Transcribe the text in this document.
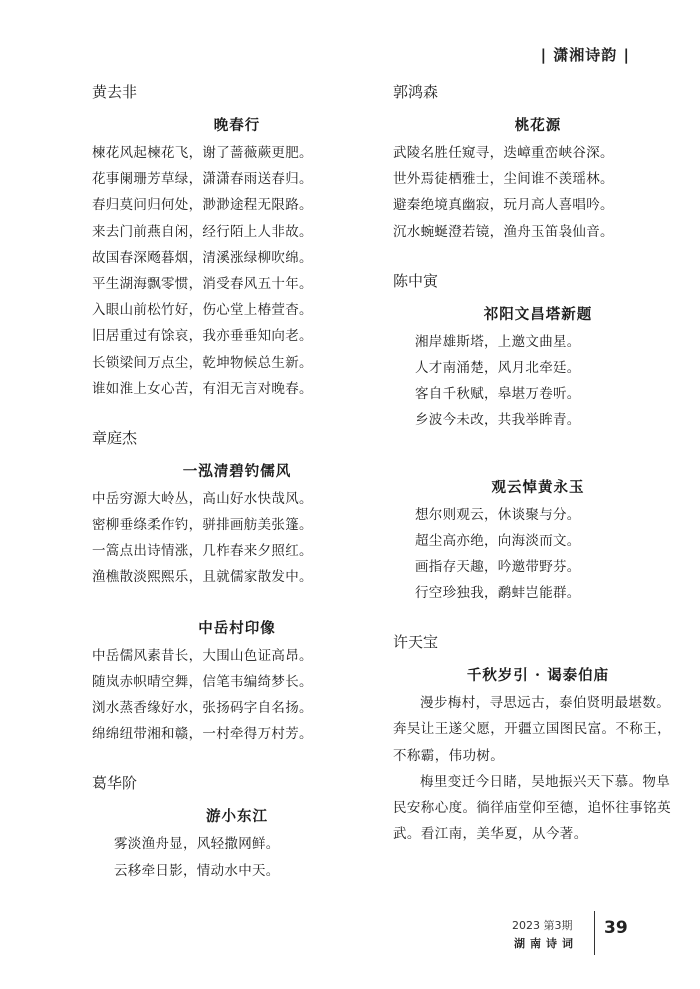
| 潇湘诗韵 |

黄去非

晚春行

楝花风起楝花飞，谢了蔷薇蕨更肥。

花事阑珊芳草绿，潇潇春雨送春归。

春归莫问归何处，渺渺途程无限路。

来去门前燕自闲，经行陌上人非故。

故国春深飏暮烟，清溪涨绿柳吹绵。

平生湖海飘零惯，消受春风五十年。

入眼山前松竹好，伤心堂上椿萱杳。

旧居重过有馀哀，我亦垂垂知向老。

长锁梁间万点尘，乾坤物候总生新。

谁如淮上女心苦，有泪无言对晚春。

章庭杰

一泓清碧钓儒风

中岳穷源大岭丛，高山好水快哉风。

密柳垂绦柔作钓，骈排画舫美张篷。

一篙点出诗情涨，几柞春来夕照红。

渔樵散淡熙熙乐，且就儒家散发中。

中岳村印像

中岳儒风素昔长，大围山色证高昂。

随岚赤帜晴空舞，信笔韦编绮梦长。

浏水蒸香缘好水，张扬码字自名扬。

绵绵纽带湘和赣，一村牵得万村芳。

葛华阶

游小东江

雾淡渔舟显，风轻撒网鲜。

云移牵日影，情动水中天。

郭鸿森

桃花源

武陵名胜任窥寻，迭嶂重峦峡谷深。

世外焉徒栖雅士，尘间谁不羡瑶林。

避秦绝境真幽寂，玩月高人喜唱吟。

沉水蜿蜒澄若镜，渔舟玉笛袅仙音。

陈中寅

祁阳文昌塔新题

湘岸雄斯塔，上邀文曲星。

人才南涌楚，风月北牵廷。

客自千秋赋，皋堪万卷听。

乡波今未改，共我举眸青。

观云悼黄永玉

想尔则观云，休谈聚与分。

超尘高亦绝，向海淡而文。

画指存天趣，吟邀带野芬。

行空珍独我，鹬蚌岂能群。

许天宝

千秋岁引 · 谒泰伯庙

漫步梅村，寻思远古，泰伯贤明最堪数。奔吴让王遂父愿，开疆立国图民富。不称王，不称霸，伟功树。

梅里变迁今日睹，吴地振兴天下慕。物阜民安称心度。徜徉庙堂仰至德，追怀往事铭英武。看江南，美华夏，从今著。

2023 第3期
湖南诗词
39
